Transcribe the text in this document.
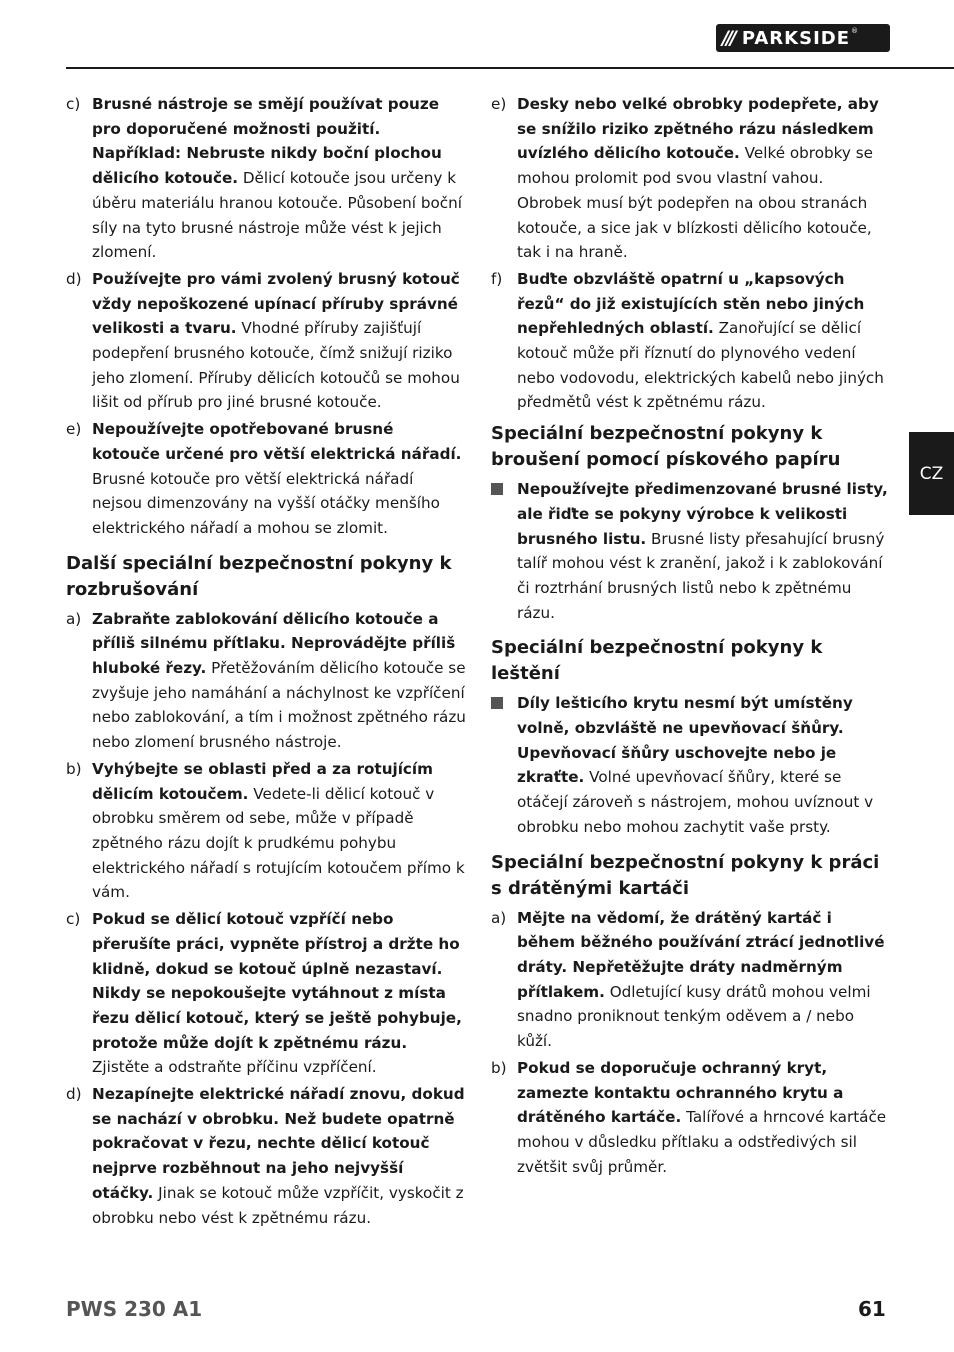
/// PARKSIDE ®
CZ
c) Brusné nástroje se smějí používat pouze pro doporučené možnosti použití. Například: Nebruste nikdy boční plochou dělicího kotouče. Dělicí kotouče jsou určeny k úběru materiálu hranou kotouče. Působení boční síly na tyto brusné nástroje může vést k jejich zlomení.
d) Používejte pro vámi zvolený brusný kotouč vždy nepoškozené upínací příruby správné velikosti a tvaru. Vhodné příruby zajišťují podepření brusného kotouče, čímž snižují riziko jeho zlomení. Příruby dělicích kotoučů se mohou lišit od přírub pro jiné brusné kotouče.
e) Nepoužívejte opotřebované brusné kotouče určené pro větší elektrická nářadí. Brusné kotouče pro větší elektrická nářadí nejsou dimenzovány na vyšší otáčky menšího elektrického nářadí a mohou se zlomit.
Další speciální bezpečnostní pokyny k rozbrušování
a) Zabraňte zablokování dělicího kotouče a příliš silnému přítlaku. Neprovádějte příliš hluboké řezy. Přetěžováním dělicího kotouče se zvyšuje jeho namáhání a náchylnost ke vzpříčení nebo zablokování, a tím i možnost zpětného rázu nebo zlomení brusného nástroje.
b) Vyhýbejte se oblasti před a za rotujícím dělicím kotoučem. Vedete-li dělicí kotouč v obrobku směrem od sebe, může v případě zpětného rázu dojít k prudkému pohybu elektrického nářadí s rotujícím kotoučem přímo k vám.
c) Pokud se dělicí kotouč vzpříčí nebo přerušíte práci, vypněte přístroj a držte ho klidně, dokud se kotouč úplně nezastaví. Nikdy se nepokoušejte vytáhnout z místa řezu dělicí kotouč, který se ještě pohybuje, protože může dojít k zpětnému rázu. Zjistěte a odstraňte příčinu vzpříčení.
d) Nezapínejte elektrické nářadí znovu, dokud se nachází v obrobku. Než budete opatrně pokračovat v řezu, nechte dělicí kotouč nejprve rozběhnout na jeho nejvyšší otáčky. Jinak se kotouč může vzpříčit, vyskočit z obrobku nebo vést k zpětnému rázu.
e) Desky nebo velké obrobky podepřete, aby se snížilo riziko zpětného rázu následkem uvízlého dělicího kotouče. Velké obrobky se mohou prolomit pod svou vlastní vahou. Obrobek musí být podepřen na obou stranách kotouče, a sice jak v blízkosti dělicího kotouče, tak i na hraně.
f) Buďte obzvláště opatrní u „kapsových řezů“ do již existujících stěn nebo jiných nepřehledných oblastí. Zanořující se dělicí kotouč může při říznutí do plynového vedení nebo vodovodu, elektrických kabelů nebo jiných předmětů vést k zpětnému rázu.
Speciální bezpečnostní pokyny k broušení pomocí pískového papíru
Nepoužívejte předimenzované brusné listy, ale řiďte se pokyny výrobce k velikosti brusného listu. Brusné listy přesahující brusný talíř mohou vést k zranění, jakož i k zablokování či roztrhání brusných listů nebo k zpětnému rázu.
Speciální bezpečnostní pokyny k leštění
Díly lešticího krytu nesmí být umístěny volně, obzvláště ne upevňovací šňůry. Upevňovací šňůry uschovejte nebo je zkraťte. Volné upevňovací šňůry, které se otáčejí zároveň s nástrojem, mohou uvíznout v obrobku nebo mohou zachytit vaše prsty.
Speciální bezpečnostní pokyny k práci s drátěnými kartáči
a) Mějte na vědomí, že drátěný kartáč i během běžného používání ztrácí jednotlivé dráty. Nepřetěžujte dráty nadměrným přítlakem. Odletující kusy drátů mohou velmi snadno proniknout tenkým oděvem a / nebo kůží.
b) Pokud se doporučuje ochranný kryt, zamezte kontaktu ochranného krytu a drátěného kartáče. Talířové a hrncové kartáče mohou v důsledku přítlaku a odstředivých sil zvětšit svůj průměr.
PWS 230 A1	61
